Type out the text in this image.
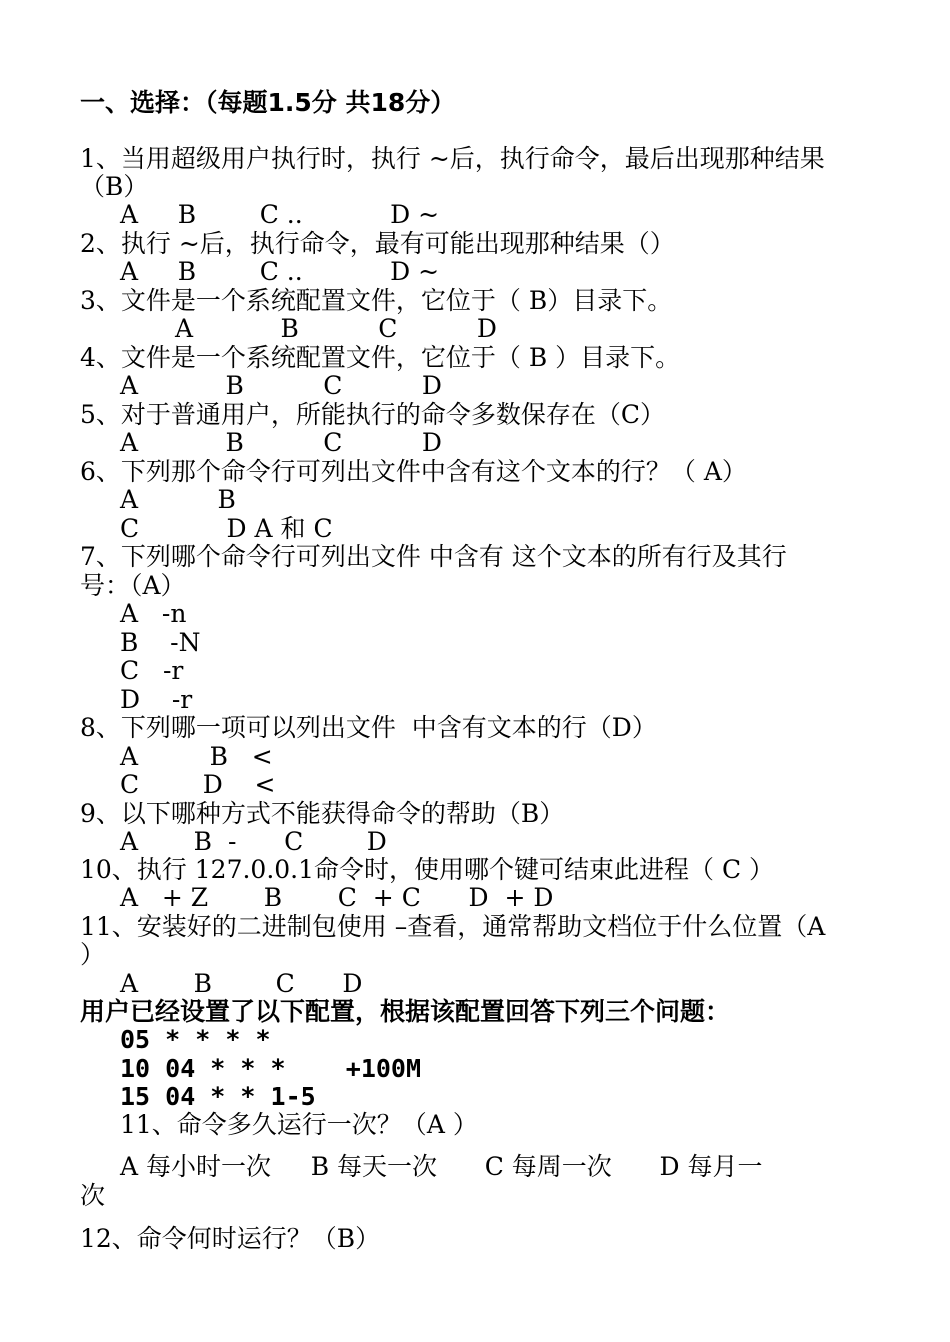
一、选择：（每题1.5分 共18分）
1、当用超级用户执行时，执行 ~后，执行命令，最后出现那种结果
（B）
A     B        C ..           D ~
2、执行 ~后，执行命令，最有可能出现那种结果（）
A     B        C ..           D ~
3、文件是一个系统配置文件，它位于（ B）目录下。
A           B          C          D
4、文件是一个系统配置文件，它位于（ B ）目录下。
A           B          C          D
5、对于普通用户，所能执行的命令多数保存在（C）
A           B          C          D
6、下列那个命令行可列出文件中含有这个文本的行？（ A）
A          B
C           D A 和 C
7、下列哪个命令行可列出文件 中含有 这个文本的所有行及其行
号：（A）
A   -n
B    -N
C   -r
D    -r
8、下列哪一项可以列出文件  中含有文本的行（D）
A         B   <
C        D    <
9、以下哪种方式不能获得命令的帮助（B）
A       B  -      C        D
10、执行 127.0.0.1命令时，使用哪个键可结束此进程（ C ）
A   + Z       B       C  + C      D  + D
11、安装好的二进制包使用 –查看，通常帮助文档位于什么位置（A
）
A       B        C      D
用户已经设置了以下配置，根据该配置回答下列三个问题：
05 * * * *
10 04 * * *    +100M
15 04 * * 1-5
11、命令多久运行一次？（A ）
A 每小时一次     B 每天一次      C 每周一次      D 每月一
次
12、命令何时运行？（B）
